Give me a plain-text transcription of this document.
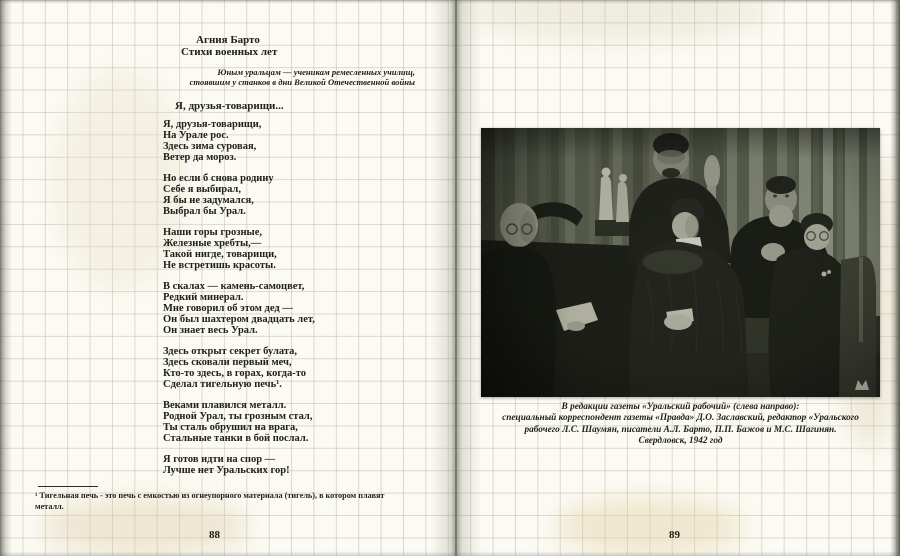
Агния Барто
Стихи военных лет
Юным уральцам — ученикам ремесленных училищ,
стоявшим у станков в дни Великой Отечественной войны
Я, друзья-товарищи...
Я, друзья-товарищи,
На Урале рос.
Здесь зима суровая,
Ветер да мороз.
Но если б снова родину
Себе я выбирал,
Я бы не задумался,
Выбрал бы Урал.
Наши горы грозные,
Железные хребты,—
Такой нигде, товарищи,
Не встретишь красоты.
В скалах — камень-самоцвет,
Редкий минерал.
Мне говорил об этом дед —
Он был шахтером двадцать лет,
Он знает весь Урал.
Здесь открыт секрет булата,
Здесь сковали первый меч,
Кто-то здесь, в горах, когда-то
Сделал тигельную печь¹.
Веками плавился металл.
Родной Урал, ты грозным стал,
Ты сталь обрушил на врага,
Стальные танки в бой послал.
Я готов идти на спор —
Лучше нет Уральских гор!
¹ Тигельная печь - это печь с емкостью из огнеупорного материала (тигель), в котором плавят металл.
88
В редакции газеты «Уральский рабочий» (слева направо):
специальный корреспондент газеты «Правда» Д.О. Заславский, редактор «Уральского
рабочего Л.С. Шаумян, писатели А.Л. Барто, П.П. Бажов и М.С. Шагинян.
Свердловск, 1942 год
89
